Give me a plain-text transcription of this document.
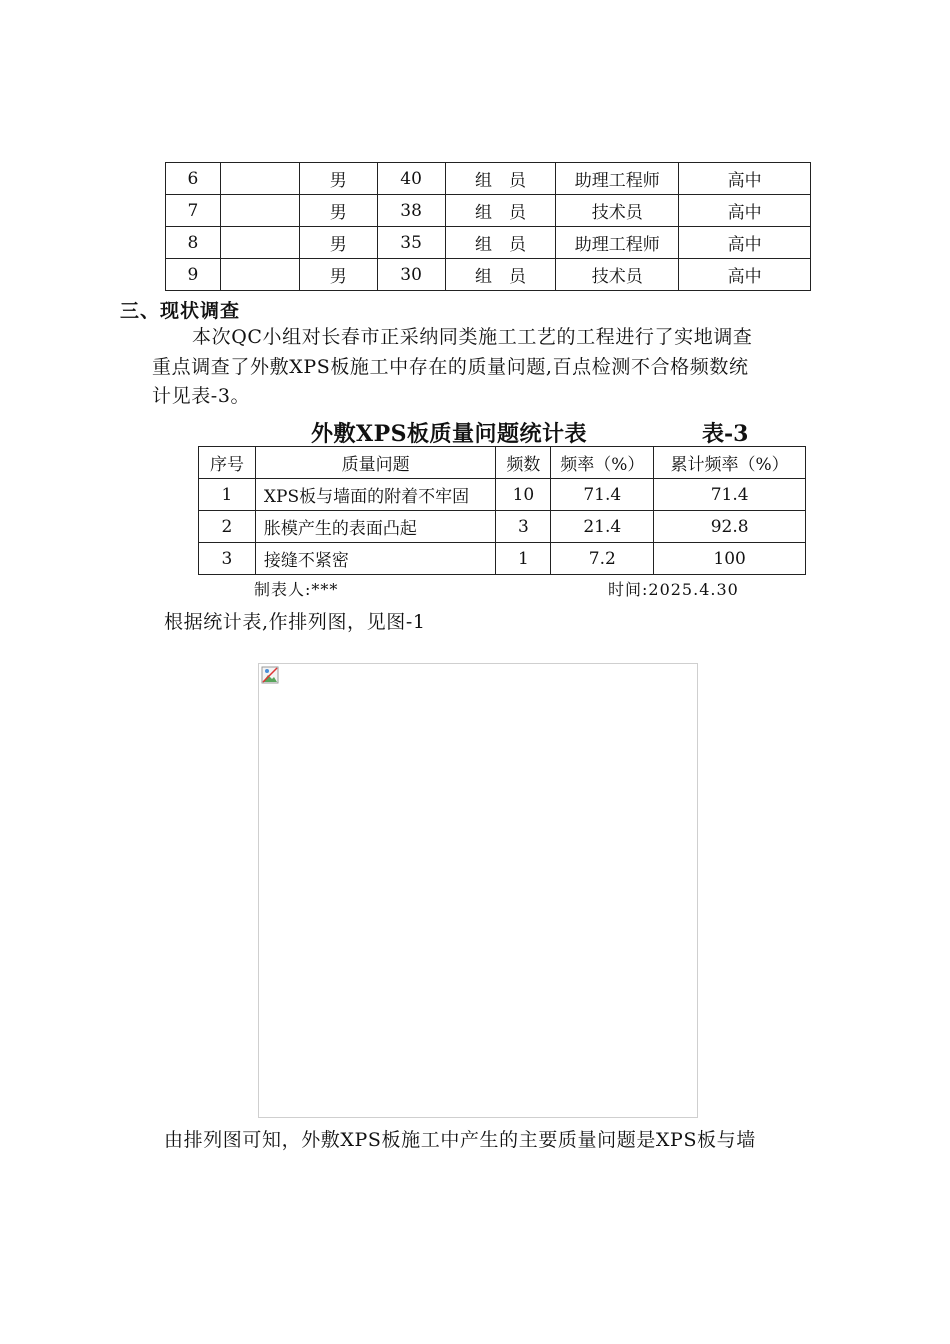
6		男	40	组　员	助理工程师	高中
7		男	38	组　员	技术员	高中
8		男	35	组　员	助理工程师	高中
9		男	30	组　员	技术员	高中
三、现状调查

本次QC小组对长春市正采纳同类施工工艺的工程进行了实地调查
重点调查了外敷XPS板施工中存在的质量问题,百点检测不合格频数统
计见表-3。

外敷XPS板质量问题统计表	表-3
序号	质量问题	频数	频率（%）	累计频率（%）
1	XPS板与墙面的附着不牢固	10	71.4	71.4
2	胀模产生的表面凸起	3	21.4	92.8
3	接缝不紧密	1	7.2	100
制表人:***	时间:2025.4.30
根据统计表,作排列图，见图-1
由排列图可知，外敷XPS板施工中产生的主要质量问题是XPS板与墙
